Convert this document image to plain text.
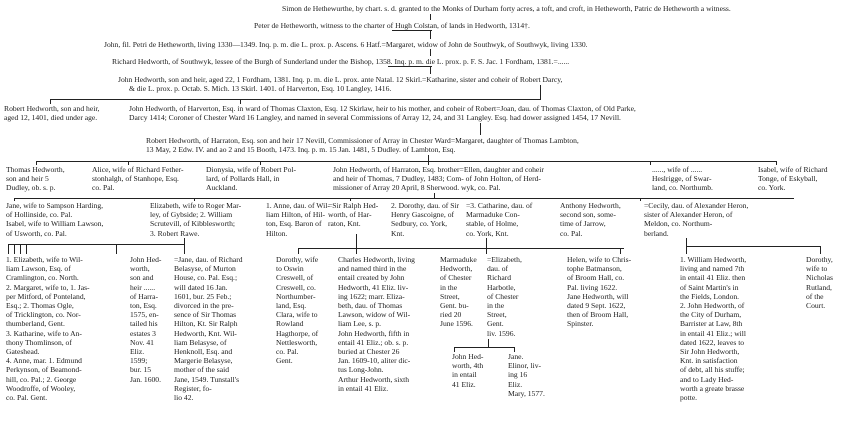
Simon de Hethewurthe, by chart. s. d. granted to the Monks of Durham forty acres, a toft, and croft, in Hetheworth, Patric de Hetheworth a witness.
Peter de Hetheworth, witness to the charter of Hugh Colstan, of lands in Hedworth, 1314†.
John, fil. Petri de Hetheworth, living 1330—1349. Inq. p. m. die L. prox. p. Ascens. 6 Hatf.=Margaret, widow of John de Southwyk, of Southwyk, living 1330.
Richard Hedworth, of Southwyk, lessee of the Burgh of Sunderland under the Bishop, 1358. Inq. p. m. die L. prox. p. F. S. Jac. 1 Fordham, 1381.=......
John Hedworth, son and heir, aged 22, 1 Fordham, 1381. Inq. p. m. die L. prox. ante Natal. 12 Skirl.=Katharine, sister and coheir of Robert Darcy,
& die L. prox. p. Octab. S. Mich. 13 Skirl. 1401. of Harverton, Esq. 10 Langley, 1416.
Robert Hedworth, son and heir,
aged 12, 1401, died under age.
John Hedworth, of Harverton, Esq. in ward of Thomas Claxton, Esq. 12 Skirlaw, heir to his mother, and coheir of Robert=Joan, dau. of Thomas Claxton, of Old Parke,
Darcy 1414; Coroner of Chester Ward 16 Langley, and named in several Commissions of Array 12, 24, and 31 Langley. Esq. had dower assigned 1454, 17 Nevill.
Robert Hedworth, of Harraton, Esq. son and heir 17 Nevill, Commissioner of Array in Chester Ward=Margaret, daughter of Thomas Lambton,
13 May, 2 Edw. IV. and ao 2 and 15 Booth, 1473. Inq. p. m. 15 Jan. 1481, 5 Dudley. of Lambton, Esq.
Thomas Hedworth,
son and heir 5
Dudley, ob. s. p.
Alice, wife of Richard Fether-
stonhalgh, of Stanhope, Esq.
co. Pal.
Dionysia, wife of Robert Pol-
lard, of Pollards Hall, in
Auckland.
John Hedworth, of Harraton, Esq. brother=Ellen, daughter and coheir
and heir of Thomas, 7 Dudley, 1483; Com- of John Holton, of Herd-
missioner of Array 20 April, 8 Sherwood. wyk, co. Pal.
......, wife of ......
Heslrigge, of Swar-
land, co. Northumb.
Isabel, wife of Richard
Tonge, of Eskyball,
co. York.
Jane, wife to Sampson Harding,
of Hollinside, co. Pal.
Isabel, wife to William Lawson,
of Usworth, co. Pal.
Elizabeth, wife to Roger Mar-
ley, of Gybside; 2. William
Scrutevill, of Kibblesworth;
3. Robert Rawe.
1. Anne, dau. of Wil-
liam Hilton, of Hil-
ton, Esq. Baron of
Hilton.
=Sir Ralph Hed-
worth, of Har-
raton, Knt.
2. Dorothy, dau. of Sir
Henry Gascoigne, of
Sedbury, co. York,
Knt.
=3. Catharine, dau. of
Marmaduke Con-
stable, of Holme,
co. York, Knt.
Anthony Hedworth,
second son, some-
time of Jarrow,
co. Pal.
=Cecily, dau. of Alexander Heron,
sister of Alexander Heron, of
Meldon, co. Northum-
berland.
1. Elizabeth, wife to Wil-
liam Lawson, Esq. of
Cramlington, co. North.
2. Margaret, wife to, 1. Jas-
per Mitford, of Ponteland,
Esq.; 2. Thomas Ogle,
of Tricklington, co. Nor-
thumberland, Gent.
3. Katharine, wife to An-
thony Thomlinson, of
Gateshead.
4. Anne, mar. 1. Edmund
Perkynson, of Beamond-
hill, co. Pal.; 2. George
Woodroffe, of Wooley,
co. Pal. Gent.
John Hed-
worth,
son and
heir ......
of Harra-
ton, Esq.
1575, en-
tailed his
estates 3
Nov. 41
Eliz.
1599;
bur. 15
Jan. 1600.
=Jane, dau. of Richard
Belasyse, of Murton
House, co. Pal. Esq.;
will dated 16 Jan.
1601, bur. 25 Feb.;
divorced in the pre-
sence of Sir Thomas
Hilton, Kt. Sir Ralph
Hedworth, Knt. Wil-
liam Belasyse, of
Henknoll, Esq. and
Margerie Belasyse,
mother of the said
Jane, 1549. Tunstall's
Register, fo-
lio 42.
Dorothy, wife
to Oswin
Creswell, of
Creswell, co.
Northumber-
land, Esq.
Clara, wife to
Rowland
Hagthorpe, of
Nettlesworth,
co. Pal.
Gent.
Charles Hedworth, living
and named third in the
entail created by John
Hedworth, 41 Eliz. liv-
ing 1622; marr. Eliza-
beth, dau. of Thomas
Lawson, widow of Wil-
liam Lee, s. p.
John Hedworth, fifth in
entail 41 Eliz.; ob. s. p.
buried at Chester 26
Jan. 1609-10, aliter dic-
tus Long-John.
Arthur Hedworth, sixth
in entail 41 Eliz.
Marmaduke
Hedworth,
of Chester
in the
Street,
Gent. bu-
ried 20
June 1596.
=Elizabeth,
dau. of
Richard
Harbotle,
of Chester
in the
Street,
Gent.
liv. 1596.
Helen, wife to Chris-
tophe Batmanson,
of Broom Hall, co.
Pal. living 1622.
Jane Hedworth, will
dated 9 Sept. 1622,
then of Broom Hall,
Spinster.
1. William Hedworth,
living and named 7th
in entail 41 Eliz. then
of Saint Martin's in
the Fields, London.
2. John Hedworth, of
the City of Durham,
Barrister at Law, 8th
in entail 41 Eliz.; will
dated 1622, leaves to
Sir John Hedworth,
Knt. in satisfaction
of debt, all his stuffe;
and to Lady Hed-
worth a greate brasse
potte.
Dorothy,
wife to
Nicholas
Rutland,
of the
Court.
John Hed-
worth, 4th
in entail
41 Eliz.
Jane.
Elinor, liv-
ing 16
Eliz.
Mary, 1577.
